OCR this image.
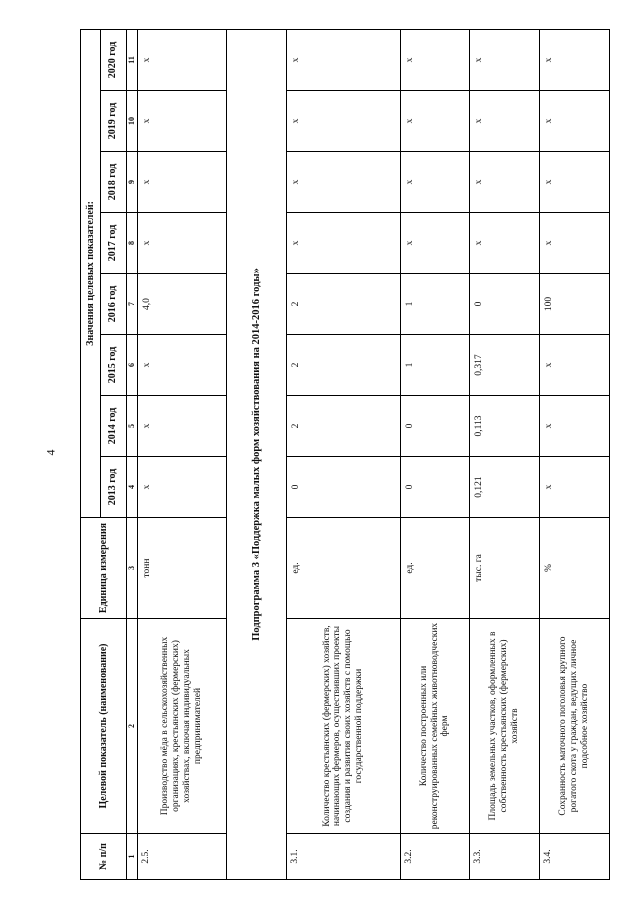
4
№ п/п	Целевой показатель (наименование)	Единица измерения	Значения целевых показателей:							
			2013 год	2014 год	2015 год	2016 год	2017 год	2018 год	2019 год	2020 год
1	2	3	4	5	6	7	8	9	10	11
2.5.	Производство мёда в сельскохозяйственных организациях, крестьянских (фермерских) хозяйствах, включая индивидуальных предпринимателей	тонн	х	х	х	4,0	х	х	х	х
Подпрограмма 3 «Поддержка малых форм хозяйствования на 2014-2016 годы»										
3.1.	Количество крестьянских (фермерских) хозяйств, начинающих фермеров, осуществивших проекты создания и развития своих хозяйств с помощью государственной поддержки	ед.	0	2	2	2	х	х	х	х
3.2.	Количество построенных или реконструированных семейных животноводческих ферм	ед.	0	0	1	1	х	х	х	х
3.3.	Площадь земельных участков, оформленных в собственность крестьянских (фермерских) хозяйств	тыс. га	0,121	0,113	0,317	0	х	х	х	х
3.4.	Сохранность маточного поголовья крупного рогатого скота у граждан, ведущих личное подсобное хозяйство	%	х	х	х	100	х	х	х	х
